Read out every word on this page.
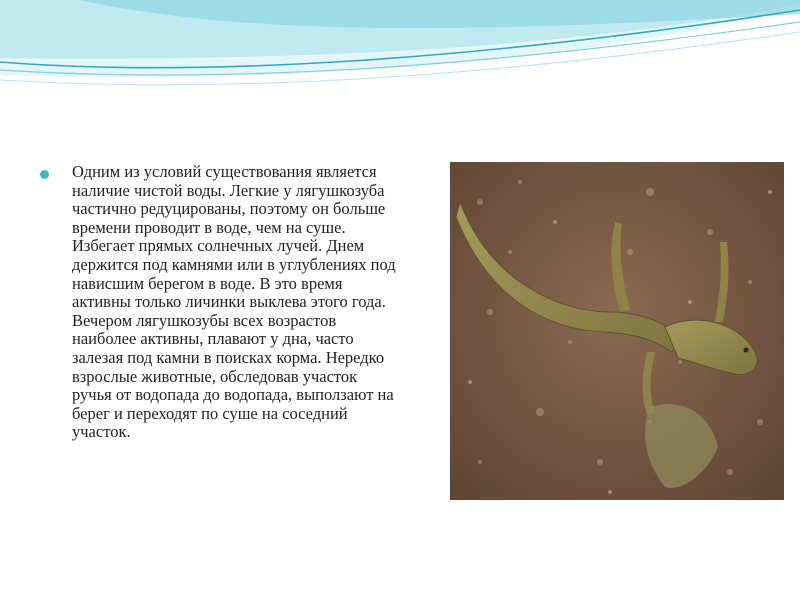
Одним из условий существования является наличие чистой воды. Легкие у лягушкозуба частично редуцированы, поэтому он больше времени проводит в воде, чем на суше. Избегает прямых солнечных лучей. Днем держится под камнями или в углублениях под нависшим берегом в воде. В это время активны только личинки выклева этого года. Вечером лягушкозубы всех возрастов наиболее активны, плавают у дна, часто залезая под камни в поисках корма. Нередко взрослые животные, обследовав участок ручья от водопада до водопада, выползают на берег и переходят по суше на соседний участок.
